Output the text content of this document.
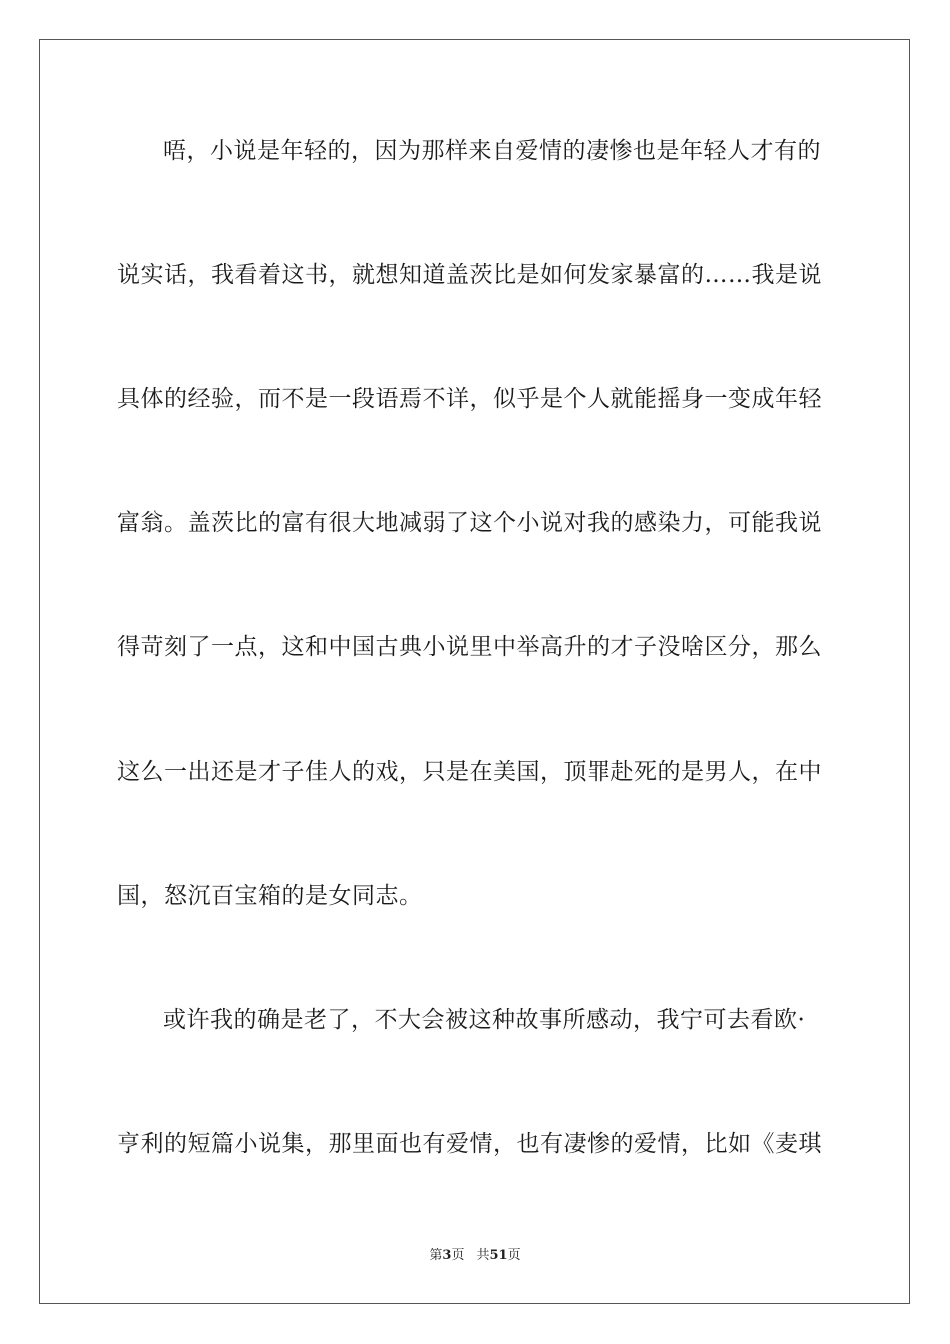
唔，小说是年轻的，因为那样来自爱情的凄惨也是年轻人才有的
说实话，我看着这书，就想知道盖茨比是如何发家暴富的……我是说
具体的经验，而不是一段语焉不详，似乎是个人就能摇身一变成年轻
富翁。盖茨比的富有很大地减弱了这个小说对我的感染力，可能我说
得苛刻了一点，这和中国古典小说里中举高升的才子没啥区分，那么
这么一出还是才子佳人的戏，只是在美国，顶罪赴死的是男人，在中
国，怒沉百宝箱的是女同志。
或许我的确是老了，不大会被这种故事所感动，我宁可去看欧·
亨利的短篇小说集，那里面也有爱情，也有凄惨的爱情，比如《麦琪
第3页 共51页
